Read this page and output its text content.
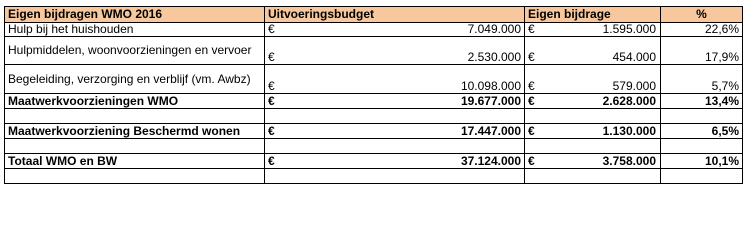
Eigen bijdragen WMO 2016	Uitvoeringsbudget		Eigen bijdrage		%
Hulp bij het huishouden	€	7.049.000	€	1.595.000	22,6%
Hulpmiddelen, woonvoorzieningen en vervoer	€	2.530.000	€	454.000	17,9%
Begeleiding, verzorging en verblijf (vm. Awbz)	€	10.098.000	€	579.000	5,7%
Maatwerkvoorzieningen WMO	€	19.677.000	€	2.628.000	13,4%

Maatwerkvoorziening Beschermd wonen	€	17.447.000	€	1.130.000	6,5%

Totaal WMO en BW	€	37.124.000	€	3.758.000	10,1%
